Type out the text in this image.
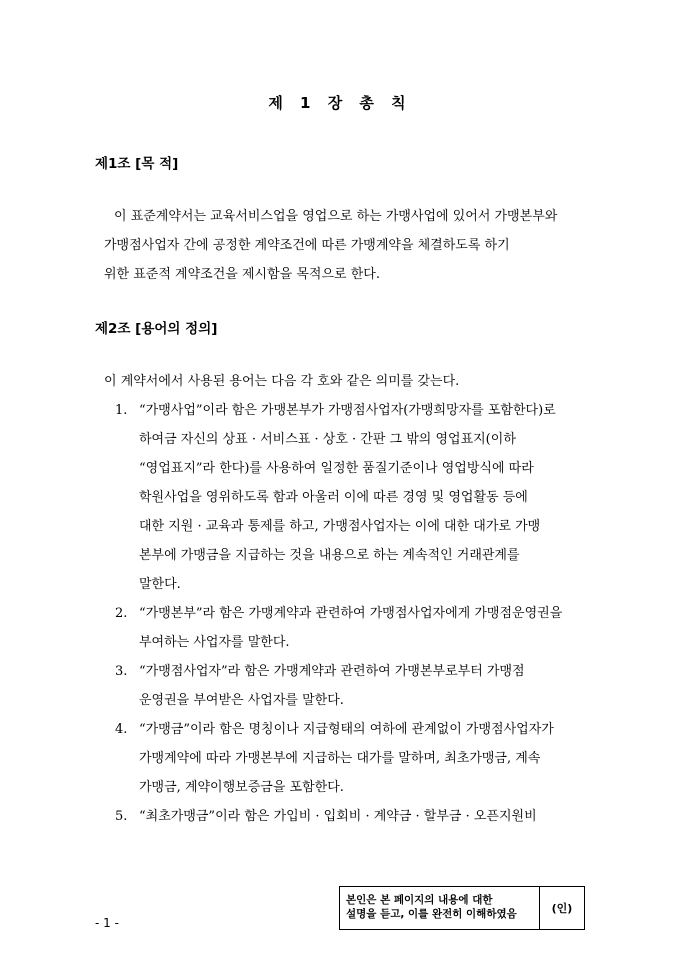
제 1 장 총 칙
제1조 [목 적]
이 표준계약서는 교육서비스업을 영업으로 하는 가맹사업에 있어서 가맹본부와
가맹점사업자 간에 공정한 계약조건에 따른 가맹계약을 체결하도록 하기
위한 표준적 계약조건을 제시함을 목적으로 한다.
제2조 [용어의 정의]
이 계약서에서 사용된 용어는 다음 각 호와 같은 의미를 갖는다.
1. “가맹사업”이라 함은 가맹본부가 가맹점사업자(가맹희망자를 포함한다)로
하여금 자신의 상표 · 서비스표 · 상호 · 간판 그 밖의 영업표지(이하
“영업표지”라 한다)를 사용하여 일정한 품질기준이나 영업방식에 따라
학원사업을 영위하도록 함과 아울러 이에 따른 경영 및 영업활동 등에
대한 지원 · 교육과 통제를 하고, 가맹점사업자는 이에 대한 대가로 가맹
본부에 가맹금을 지급하는 것을 내용으로 하는 계속적인 거래관계를
말한다.
2. “가맹본부”라 함은 가맹계약과 관련하여 가맹점사업자에게 가맹점운영권을
부여하는 사업자를 말한다.
3. “가맹점사업자”라 함은 가맹계약과 관련하여 가맹본부로부터 가맹점
운영권을 부여받은 사업자를 말한다.
4. “가맹금”이라 함은 명칭이나 지급형태의 여하에 관계없이 가맹점사업자가
가맹계약에 따라 가맹본부에 지급하는 대가를 말하며, 최초가맹금, 계속
가맹금, 계약이행보증금을 포함한다.
5. “최초가맹금”이라 함은 가입비 · 입회비 · 계약금 · 할부금 · 오픈지원비
- 1 -
본인은 본 페이지의 내용에 대한
설명을 듣고, 이를 완전히 이해하였음	(인)
